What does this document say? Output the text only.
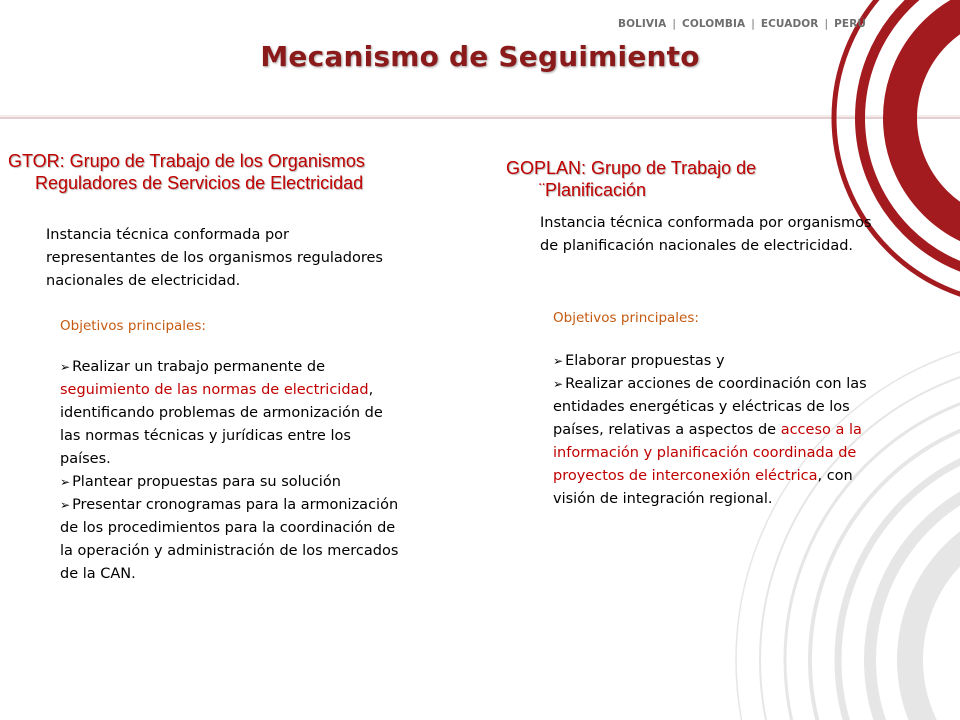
BOLIVIA | COLOMBIA | ECUADOR | PERÚ
Mecanismo de Seguimiento
GTOR: Grupo de Trabajo de los Organismos
Reguladores de Servicios de Electricidad
Instancia técnica conformada por
representantes de los organismos reguladores
nacionales de electricidad.
Objetivos principales:
➢ Realizar un trabajo permanente de
seguimiento de las normas de electricidad,
identificando problemas de armonización de
las normas técnicas y jurídicas entre los
países.
➢ Plantear propuestas para su solución
➢ Presentar cronogramas para la armonización
de los procedimientos para la coordinación de
la operación y administración de los mercados
de la CAN.
GOPLAN: Grupo de Trabajo de
¨Planificación
Instancia técnica conformada por organismos
de planificación nacionales de electricidad.
Objetivos principales:
➢ Elaborar propuestas y
➢ Realizar acciones de coordinación con las
entidades energéticas y eléctricas de los
países, relativas a aspectos de acceso a la
información y planificación coordinada de
proyectos de interconexión eléctrica, con
visión de integración regional.
